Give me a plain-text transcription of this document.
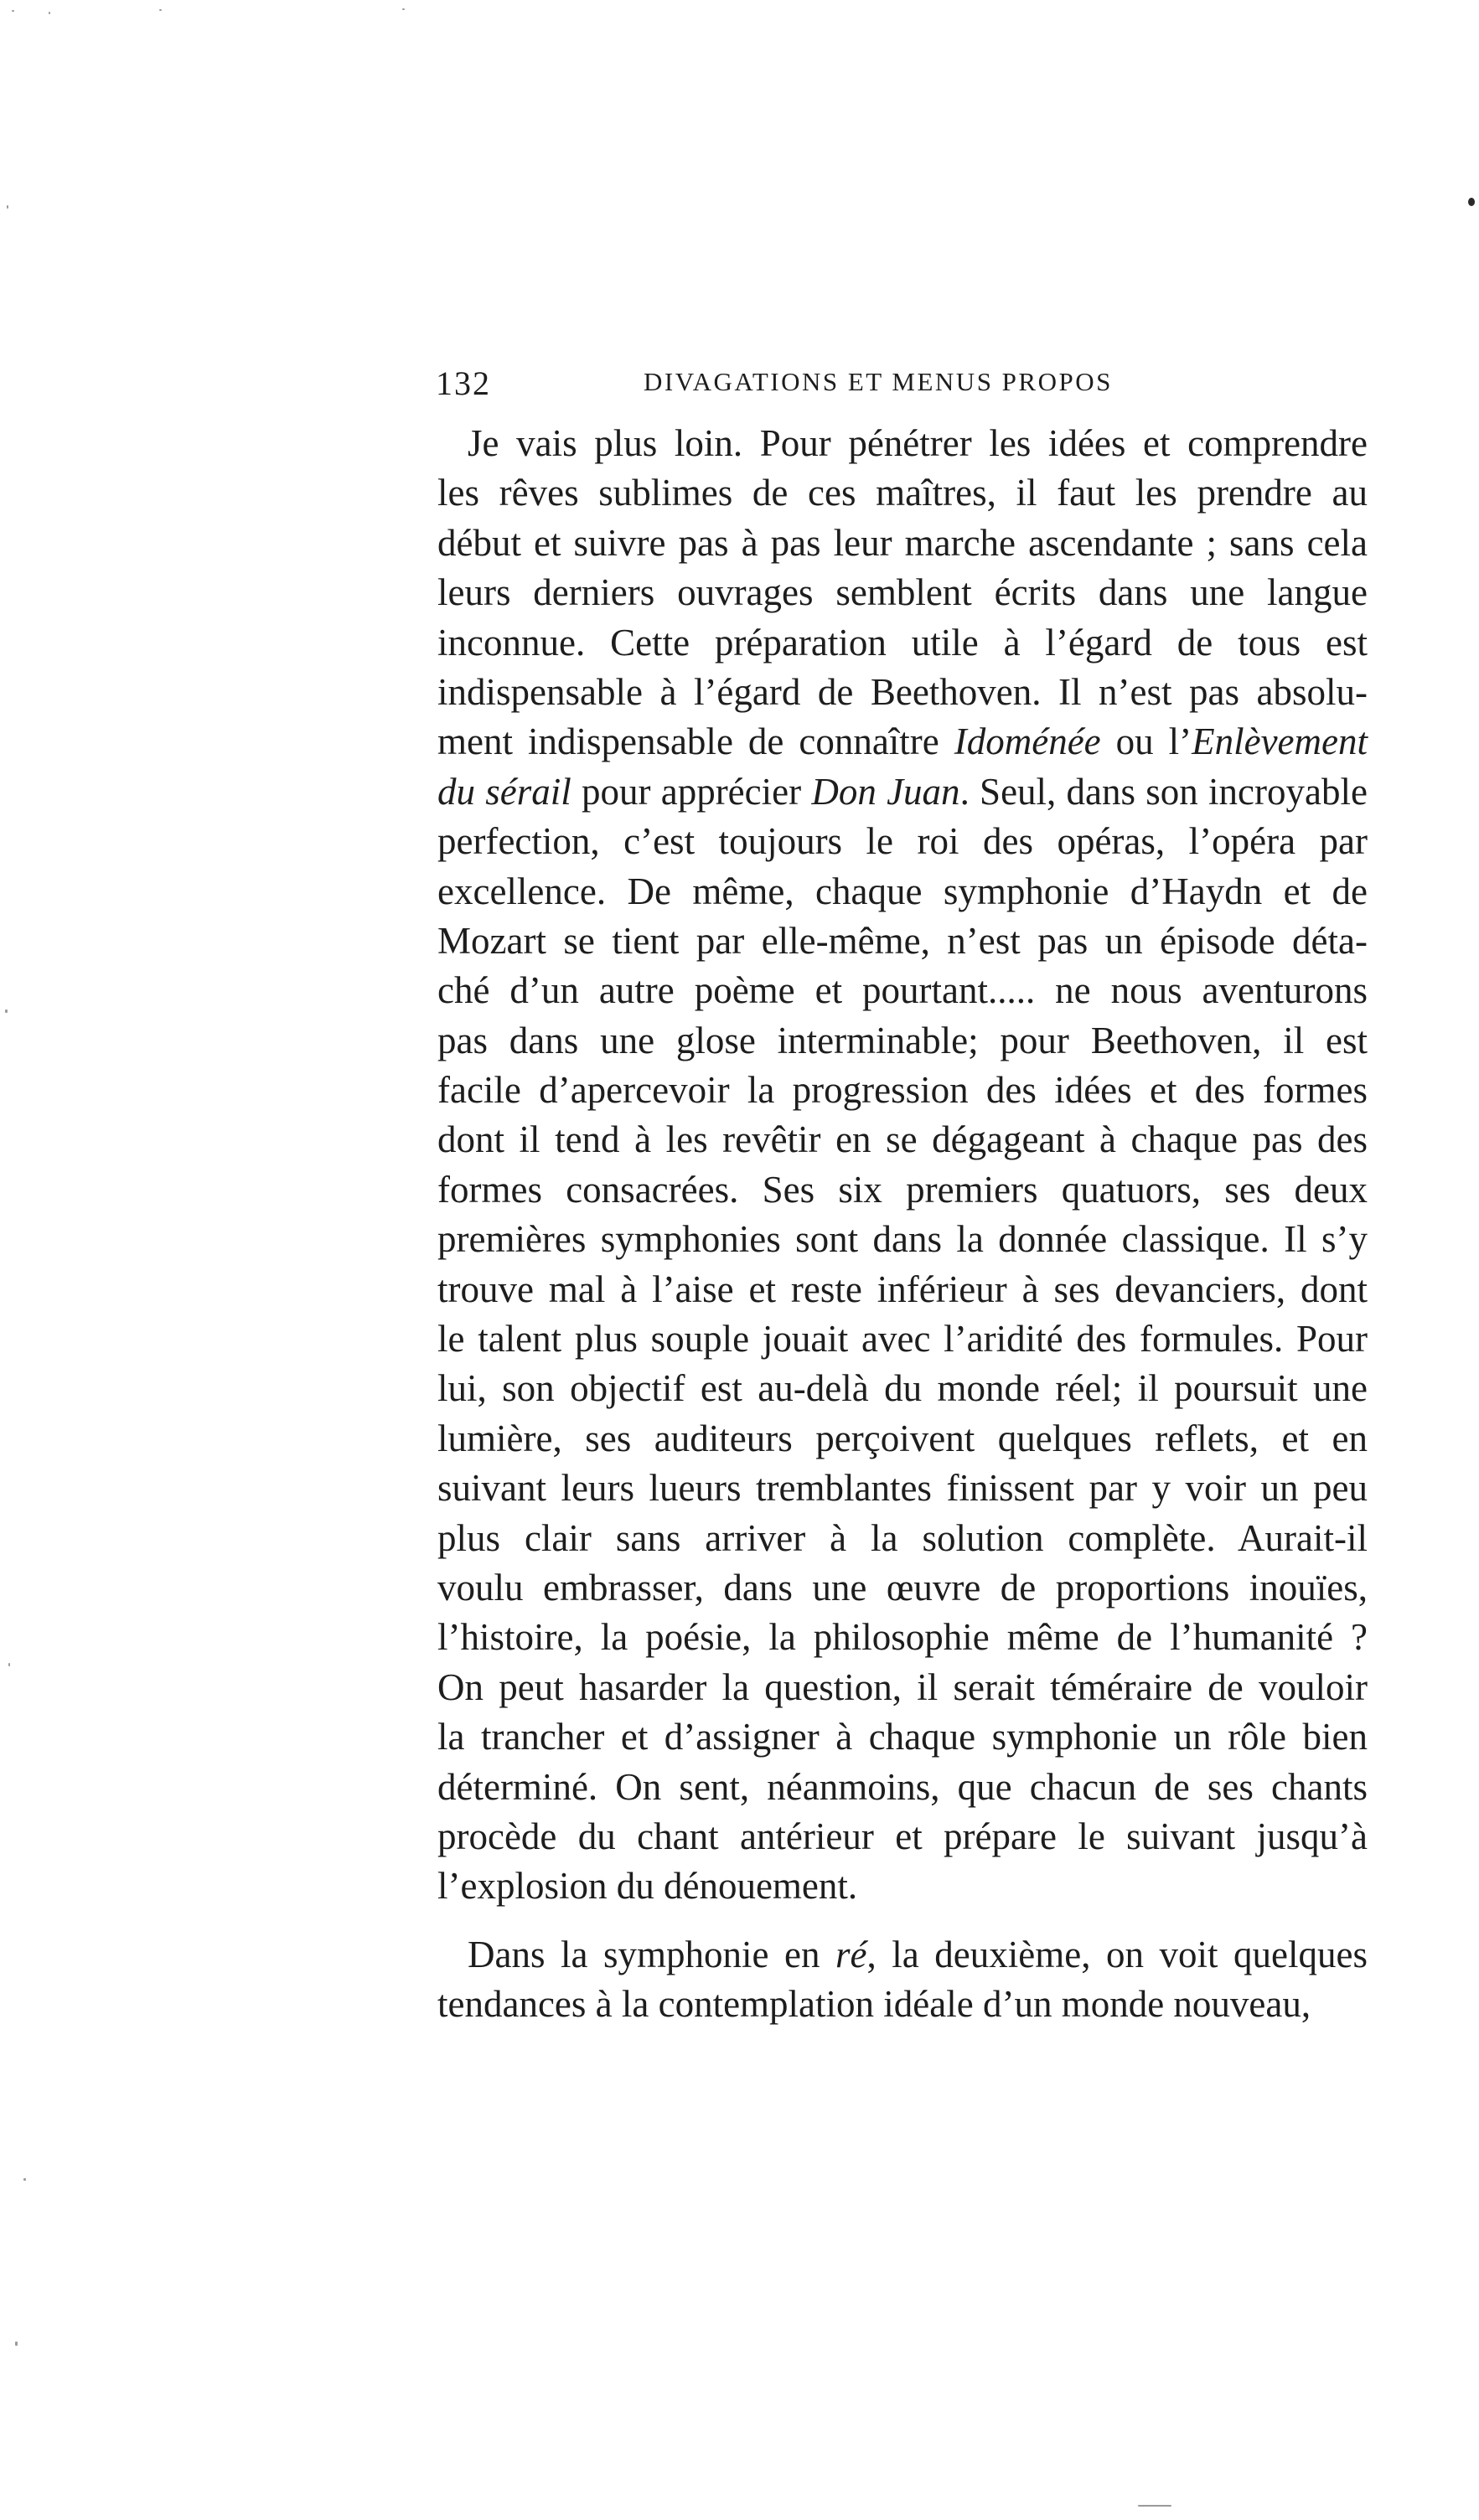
132	DIVAGATIONS ET MENUS PROPOS
Je vais plus loin. Pour pénétrer les idées et comprendre
les rêves sublimes de ces maîtres, il faut les prendre au
début et suivre pas à pas leur marche ascendante ; sans cela
leurs derniers ouvrages semblent écrits dans une langue
inconnue. Cette préparation utile à l’égard de tous est
indispensable à l’égard de Beethoven. Il n’est pas absolu-
ment indispensable de connaître Idoménée ou l’Enlèvement
du sérail pour apprécier Don Juan. Seul, dans son incroyable
perfection, c’est toujours le roi des opéras, l’opéra par
excellence. De même, chaque symphonie d’Haydn et de
Mozart se tient par elle-même, n’est pas un épisode déta-
ché d’un autre poème et pourtant..... ne nous aventurons
pas dans une glose interminable; pour Beethoven, il est
facile d’apercevoir la progression des idées et des formes
dont il tend à les revêtir en se dégageant à chaque pas des
formes consacrées. Ses six premiers quatuors, ses deux
premières symphonies sont dans la donnée classique. Il s’y
trouve mal à l’aise et reste inférieur à ses devanciers, dont
le talent plus souple jouait avec l’aridité des formules. Pour
lui, son objectif est au-delà du monde réel; il poursuit une
lumière, ses auditeurs perçoivent quelques reflets, et en
suivant leurs lueurs tremblantes finissent par y voir un peu
plus clair sans arriver à la solution complète. Aurait-il
voulu embrasser, dans une œuvre de proportions inouïes,
l’histoire, la poésie, la philosophie même de l’humanité ?
On peut hasarder la question, il serait téméraire de vouloir
la trancher et d’assigner à chaque symphonie un rôle bien
déterminé. On sent, néanmoins, que chacun de ses chants
procède du chant antérieur et prépare le suivant jusqu’à
l’explosion du dénouement.
Dans la symphonie en ré, la deuxième, on voit quelques
tendances à la contemplation idéale d’un monde nouveau,
